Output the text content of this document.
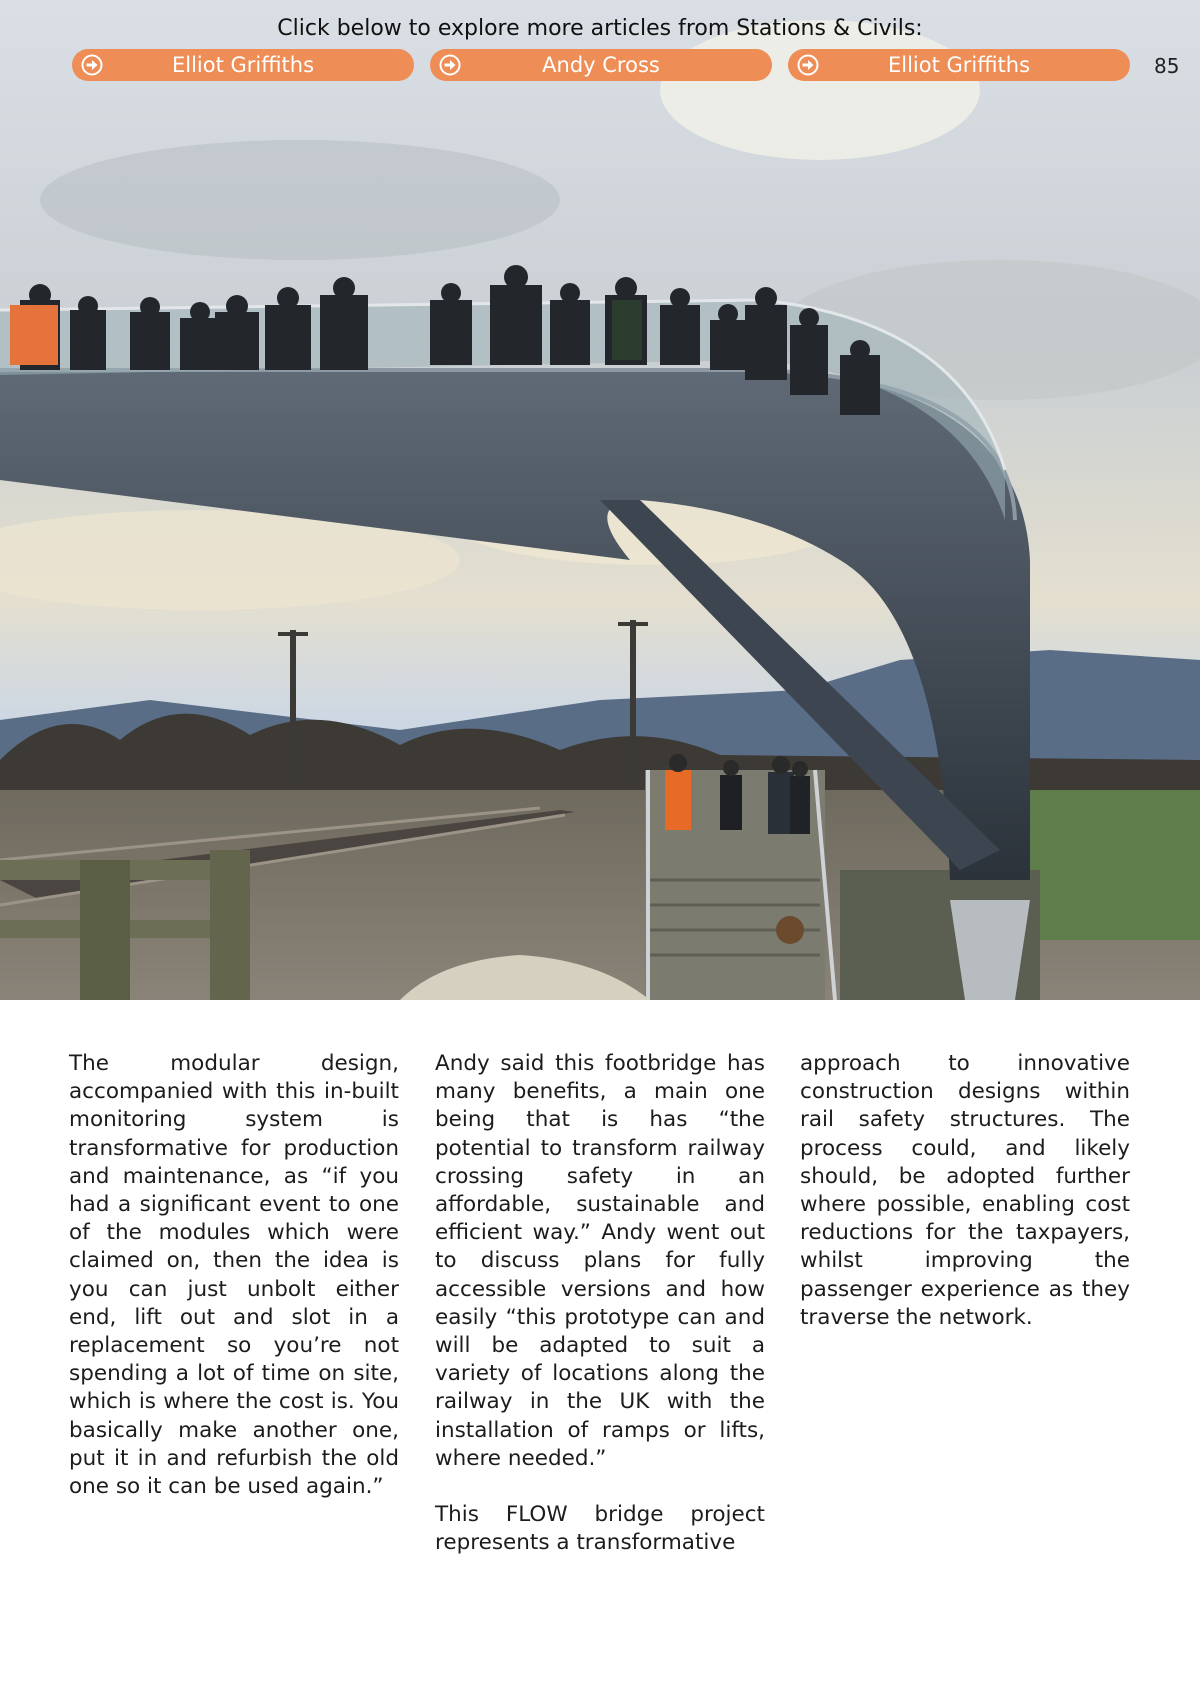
Click below to explore more articles from Stations & Civils:
Elliot Griffiths	Andy Cross	Elliot Griffiths	85

The modular design, accompanied with this in-built monitoring system is transformative for production and maintenance, as “if you had a significant event to one of the modules which were claimed on, then the idea is you can just unbolt either end, lift out and slot in a replacement so you’re not spending a lot of time on site, which is where the cost is. You basically make another one, put it in and refurbish the old one so it can be used again.”

Andy said this footbridge has many benefits, a main one being that is has “the potential to transform railway crossing safety in an affordable, sustainable and efficient way.” Andy went out to discuss plans for fully accessible versions and how easily “this prototype can and will be adapted to suit a variety of locations along the railway in the UK with the installation of ramps or lifts, where needed.”

This FLOW bridge project represents a transformative

approach to innovative construction designs within rail safety structures. The process could, and likely should, be adopted further where possible, enabling cost reductions for the taxpayers, whilst improving the passenger experience as they traverse the network.
